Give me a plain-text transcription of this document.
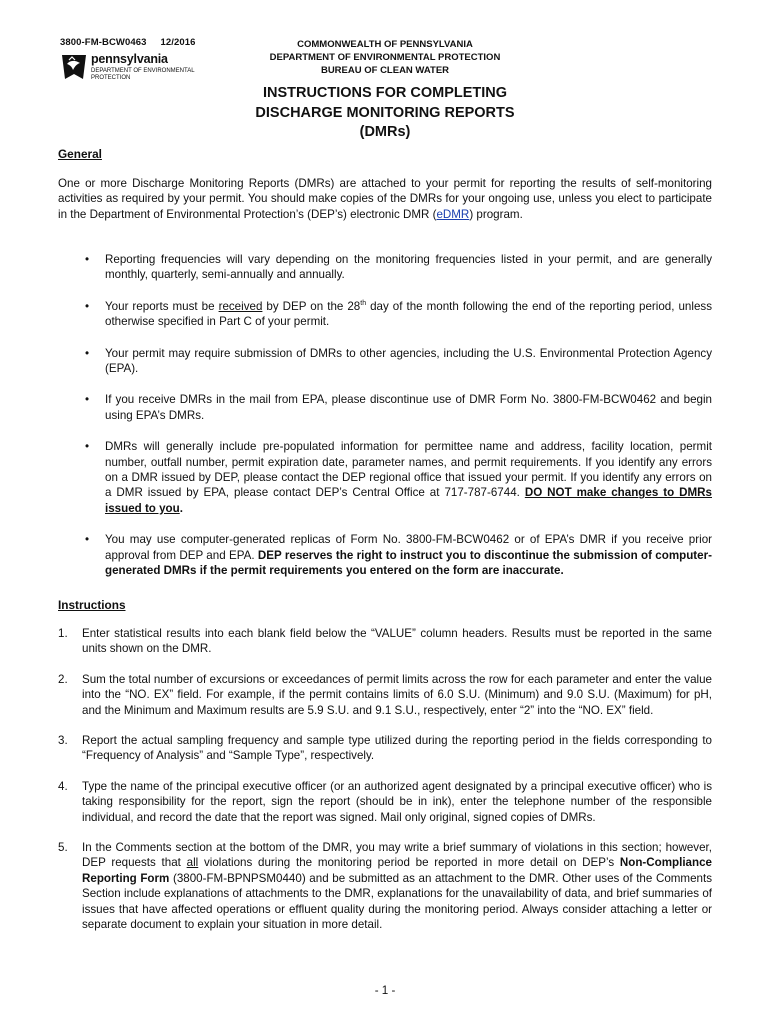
3800-FM-BCW0463 12/2016
pennsylvania
DEPARTMENT OF ENVIRONMENTAL
PROTECTION
COMMONWEALTH OF PENNSYLVANIA
DEPARTMENT OF ENVIRONMENTAL PROTECTION
BUREAU OF CLEAN WATER
INSTRUCTIONS FOR COMPLETING
DISCHARGE MONITORING REPORTS
(DMRs)
General
One or more Discharge Monitoring Reports (DMRs) are attached to your permit for reporting the results of self-monitoring activities as required by your permit. You should make copies of the DMRs for your ongoing use, unless you elect to participate in the Department of Environmental Protection’s (DEP’s) electronic DMR (eDMR) program.
• Reporting frequencies will vary depending on the monitoring frequencies listed in your permit, and are generally monthly, quarterly, semi-annually and annually.
• Your reports must be received by DEP on the 28th day of the month following the end of the reporting period, unless otherwise specified in Part C of your permit.
• Your permit may require submission of DMRs to other agencies, including the U.S. Environmental Protection Agency (EPA).
• If you receive DMRs in the mail from EPA, please discontinue use of DMR Form No. 3800-FM-BCW0462 and begin using EPA’s DMRs.
• DMRs will generally include pre-populated information for permittee name and address, facility location, permit number, outfall number, permit expiration date, parameter names, and permit requirements. If you identify any errors on a DMR issued by DEP, please contact the DEP regional office that issued your permit. If you identify any errors on a DMR issued by EPA, please contact DEP’s Central Office at 717-787-6744. DO NOT make changes to DMRs issued to you.
• You may use computer-generated replicas of Form No. 3800-FM-BCW0462 or of EPA’s DMR if you receive prior approval from DEP and EPA. DEP reserves the right to instruct you to discontinue the submission of computer-generated DMRs if the permit requirements you entered on the form are inaccurate.
Instructions
1. Enter statistical results into each blank field below the “VALUE” column headers. Results must be reported in the same units shown on the DMR.
2. Sum the total number of excursions or exceedances of permit limits across the row for each parameter and enter the value into the “NO. EX” field. For example, if the permit contains limits of 6.0 S.U. (Minimum) and 9.0 S.U. (Maximum) for pH, and the Minimum and Maximum results are 5.9 S.U. and 9.1 S.U., respectively, enter “2” into the “NO. EX” field.
3. Report the actual sampling frequency and sample type utilized during the reporting period in the fields corresponding to “Frequency of Analysis” and “Sample Type”, respectively.
4. Type the name of the principal executive officer (or an authorized agent designated by a principal executive officer) who is taking responsibility for the report, sign the report (should be in ink), enter the telephone number of the responsible individual, and record the date that the report was signed. Mail only original, signed copies of DMRs.
5. In the Comments section at the bottom of the DMR, you may write a brief summary of violations in this section; however, DEP requests that all violations during the monitoring period be reported in more detail on DEP’s Non-Compliance Reporting Form (3800-FM-BPNPSM0440) and be submitted as an attachment to the DMR. Other uses of the Comments Section include explanations of attachments to the DMR, explanations for the unavailability of data, and brief summaries of issues that have affected operations or effluent quality during the monitoring period. Always consider attaching a letter or separate document to explain your situation in more detail.
- 1 -
